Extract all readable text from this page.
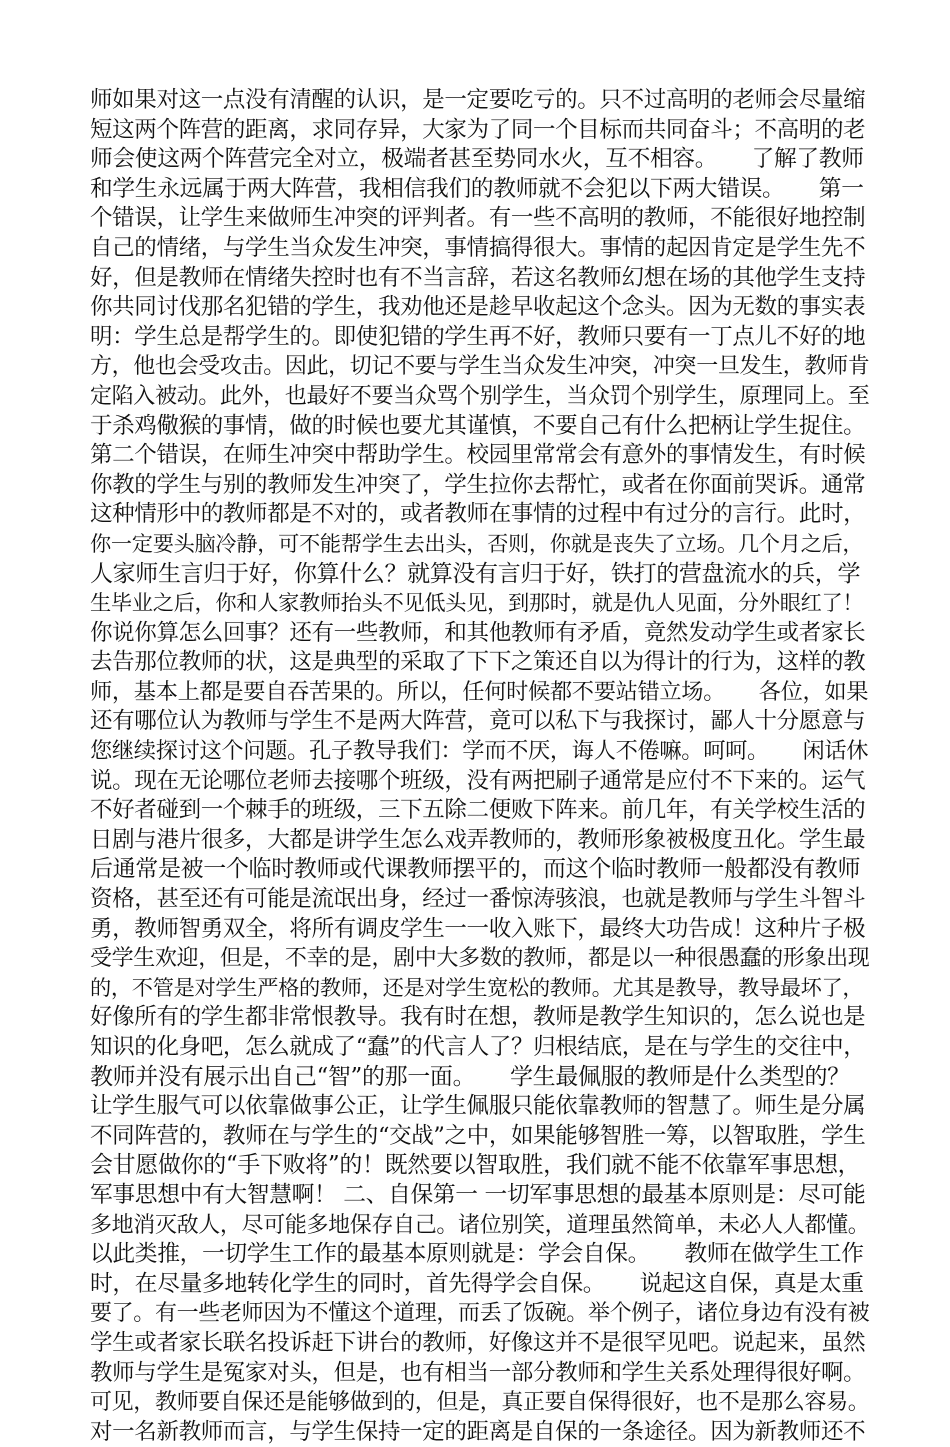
师如果对这一点没有清醒的认识，是一定要吃亏的。只不过高明的老师会尽量缩
短这两个阵营的距离，求同存异，大家为了同一个目标而共同奋斗；不高明的老
师会使这两个阵营完全对立，极端者甚至势同水火，互不相容。     了解了教师
和学生永远属于两大阵营，我相信我们的教师就不会犯以下两大错误。     第一
个错误，让学生来做师生冲突的评判者。有一些不高明的教师，不能很好地控制
自己的情绪，与学生当众发生冲突，事情搞得很大。事情的起因肯定是学生先不
好，但是教师在情绪失控时也有不当言辞，若这名教师幻想在场的其他学生支持
你共同讨伐那名犯错的学生，我劝他还是趁早收起这个念头。因为无数的事实表
明：学生总是帮学生的。即使犯错的学生再不好，教师只要有一丁点儿不好的地
方，他也会受攻击。因此，切记不要与学生当众发生冲突，冲突一旦发生，教师肯
定陷入被动。此外，也最好不要当众骂个别学生，当众罚个别学生，原理同上。至
于杀鸡儆猴的事情，做的时候也要尤其谨慎，不要自己有什么把柄让学生捉住。
第二个错误，在师生冲突中帮助学生。校园里常常会有意外的事情发生，有时候
你教的学生与别的教师发生冲突了，学生拉你去帮忙，或者在你面前哭诉。通常
这种情形中的教师都是不对的，或者教师在事情的过程中有过分的言行。此时，
你一定要头脑冷静，可不能帮学生去出头，否则，你就是丧失了立场。几个月之后，
人家师生言归于好，你算什么？就算没有言归于好，铁打的营盘流水的兵，学
生毕业之后，你和人家教师抬头不见低头见，到那时，就是仇人见面，分外眼红了！
你说你算怎么回事？还有一些教师，和其他教师有矛盾，竟然发动学生或者家长
去告那位教师的状，这是典型的采取了下下之策还自以为得计的行为，这样的教
师，基本上都是要自吞苦果的。所以，任何时候都不要站错立场。     各位，如果
还有哪位认为教师与学生不是两大阵营，竟可以私下与我探讨，鄙人十分愿意与
您继续探讨这个问题。孔子教导我们：学而不厌，诲人不倦嘛。呵呵。     闲话休
说。现在无论哪位老师去接哪个班级，没有两把刷子通常是应付不下来的。运气
不好者碰到一个棘手的班级，三下五除二便败下阵来。前几年，有关学校生活的
日剧与港片很多，大都是讲学生怎么戏弄教师的，教师形象被极度丑化。学生最
后通常是被一个临时教师或代课教师摆平的，而这个临时教师一般都没有教师
资格，甚至还有可能是流氓出身，经过一番惊涛骇浪，也就是教师与学生斗智斗
勇，教师智勇双全，将所有调皮学生一一收入账下，最终大功告成！这种片子极
受学生欢迎，但是，不幸的是，剧中大多数的教师，都是以一种很愚蠢的形象出现
的，不管是对学生严格的教师，还是对学生宽松的教师。尤其是教导，教导最坏了，
好像所有的学生都非常恨教导。我有时在想，教师是教学生知识的，怎么说也是
知识的化身吧，怎么就成了“蠢”的代言人了？归根结底，是在与学生的交往中，
教师并没有展示出自己“智”的那一面。     学生最佩服的教师是什么类型的？
让学生服气可以依靠做事公正，让学生佩服只能依靠教师的智慧了。师生是分属
不同阵营的，教师在与学生的“交战”之中，如果能够智胜一筹，以智取胜，学生
会甘愿做你的“手下败将”的！既然要以智取胜，我们就不能不依靠军事思想，
军事思想中有大智慧啊！ 二、自保第一 一切军事思想的最基本原则是：尽可能
多地消灭敌人，尽可能多地保存自己。诸位别笑，道理虽然简单，未必人人都懂。
以此类推，一切学生工作的最基本原则就是：学会自保。     教师在做学生工作
时，在尽量多地转化学生的同时，首先得学会自保。     说起这自保，真是太重
要了。有一些老师因为不懂这个道理，而丢了饭碗。举个例子，诸位身边有没有被
学生或者家长联名投诉赶下讲台的教师，好像这并不是很罕见吧。说起来，虽然
教师与学生是冤家对头，但是，也有相当一部分教师和学生关系处理得很好啊。
可见，教师要自保还是能够做到的，但是，真正要自保得很好，也不是那么容易。
对一名新教师而言，与学生保持一定的距离是自保的一条途径。因为新教师还不
